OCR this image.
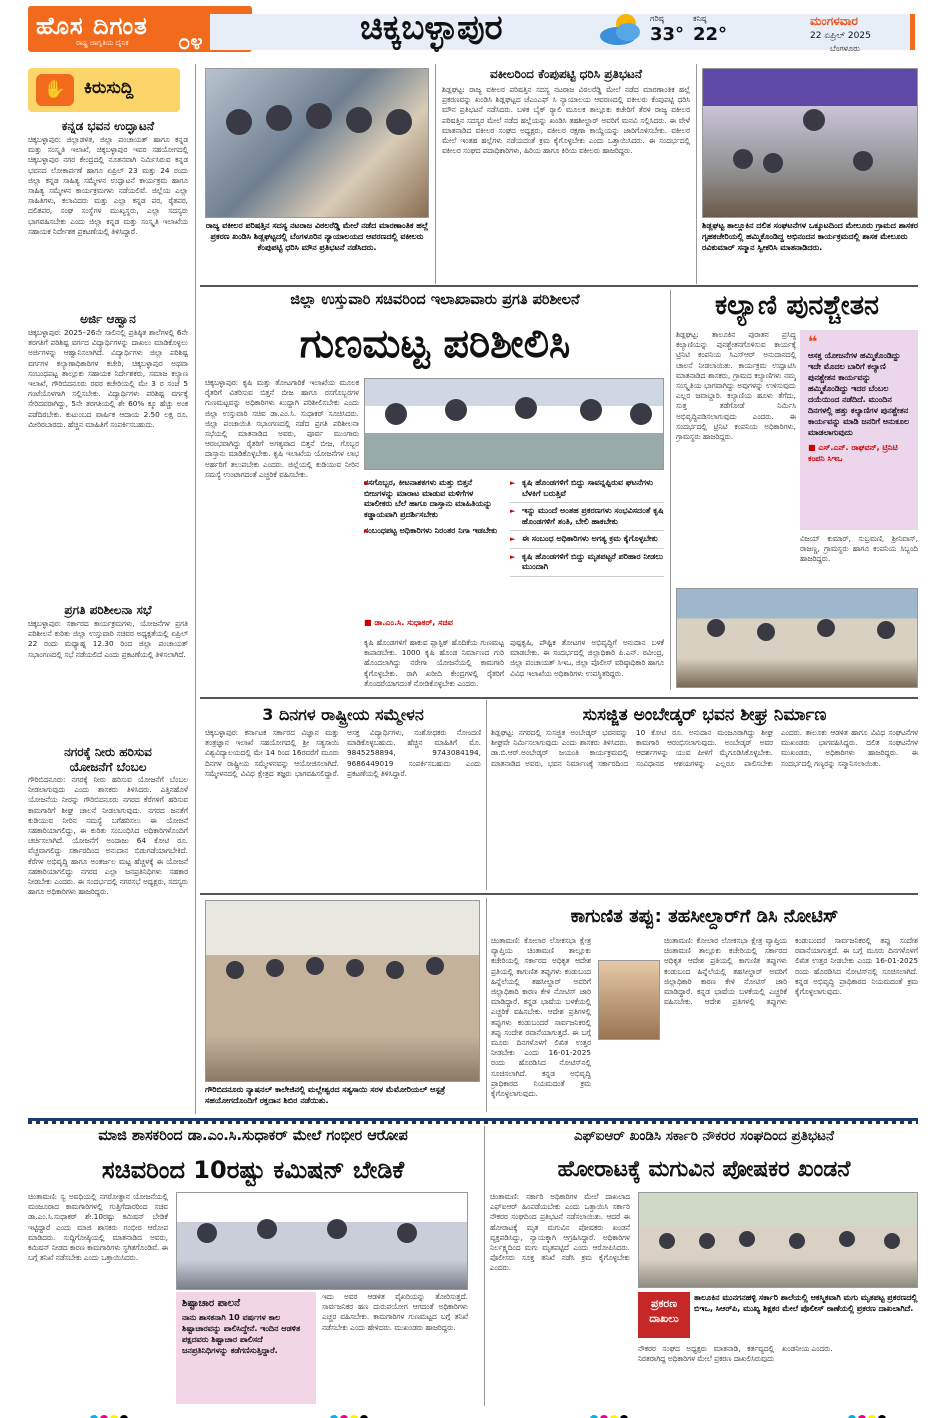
ಹೊಸ ದಿಗಂತ
ರಾಷ್ಟ್ರ ಜಾಗೃತಿಯ ದೈನಿಕ ೦೪	ಚಿಕ್ಕಬಳ್ಳಾಪುರ	ಗರಿಷ್ಠ
33°
ಕನಿಷ್ಠ
22°
ಮಂಗಳವಾರ
22 ಏಪ್ರಿಲ್ 2025
ಬೆಂಗಳೂರು
✋	ಕಿರುಸುದ್ದಿ
ಕನ್ನಡ ಭವನ ಉದ್ಘಾಟನೆ
ಚಿಕ್ಕಬಳ್ಳಾಪುರ: ಜಿಲ್ಲಾಡಳಿತ, ಜಿಲ್ಲಾ ಪಂಚಾಯತ್ ಹಾಗೂ ಕನ್ನಡ ಮತ್ತು ಸಂಸ್ಕೃತಿ ಇಲಾಖೆ, ಚಿಕ್ಕಬಳ್ಳಾಪುರ ಇವರ ಸಹಯೋಗದಲ್ಲಿ ಚಿಕ್ಕಬಳ್ಳಾಪುರ ನಗರ ಕೇಂದ್ರದಲ್ಲಿ ನೂತನವಾಗಿ ನಿರ್ಮಿಸಿರುವ ಕನ್ನಡ ಭವನದ ಲೋಕಾರ್ಪಣೆ ಹಾಗೂ ಏಪ್ರಿಲ್ 23 ಮತ್ತು 24 ರಂದು ಜಿಲ್ಲಾ ಕನ್ನಡ ಸಾಹಿತ್ಯ ಸಮ್ಮೇಳನ ಉದ್ಘಾಟನೆ ಕಾರ್ಯಕ್ರಮ ಹಾಗೂ ಸಾಹಿತ್ಯ ಸಮ್ಮೇಳನ ಕಾರ್ಯಕ್ರಮಗಳು ನಡೆಯಲಿವೆ. ಜಿಲ್ಲೆಯ ಎಲ್ಲಾ ಸಾಹಿತಿಗಳು, ಕಲಾವಿದರು ಮತ್ತು ಎಲ್ಲಾ ಕನ್ನಡ ಪರ, ರೈತಪರ, ದಲಿತಪರ, ಸಂಘ ಸಂಸ್ಥೆಗಳ ಮುಖ್ಯಸ್ಥರು, ಎಲ್ಲಾ ಸದಸ್ಯರು ಭಾಗವಹಿಸಬೇಕು ಎಂದು ಜಿಲ್ಲಾ ಕನ್ನಡ ಮತ್ತು ಸಂಸ್ಕೃತಿ ಇಲಾಖೆಯ ಸಹಾಯಕ ನಿರ್ದೇಶಕ ಪ್ರಕಟಣೆಯಲ್ಲಿ ತಿಳಿಸಿದ್ದಾರೆ.
ಅರ್ಜಿ ಆಹ್ವಾನ
ಚಿಕ್ಕಬಳ್ಳಾಪುರ: 2025–26ನೇ ಸಾಲಿನಲ್ಲಿ ಪ್ರತಿಷ್ಠಿತ ಶಾಲೆಗಳಲ್ಲಿ 6ನೇ ತರಗತಿಗೆ ಪರಿಶಿಷ್ಟ ವರ್ಗದ ವಿದ್ಯಾರ್ಥಿಗಳನ್ನು ದಾಖಲು ಮಾಡಿಕೊಳ್ಳಲು ಅರ್ಜಿಗಳನ್ನು ಆಹ್ವಾನಿಸಲಾಗಿದೆ. ವಿದ್ಯಾರ್ಥಿಗಳು ಜಿಲ್ಲಾ ಪರಿಶಿಷ್ಟ ವರ್ಗಗಳ ಕಲ್ಯಾಣಾಧಿಕಾರಿಗಳ ಕಚೇರಿ, ಚಿಕ್ಕಬಳ್ಳಾಪುರ ಅಥವಾ ಸಂಬಂಧಪಟ್ಟ ತಾಲ್ಲೂಕು ಸಹಾಯಕ ನಿರ್ದೇಶಕರು, ಸಮಾಜ ಕಲ್ಯಾಣ ಇಲಾಖೆ, ಗೌರಿಬಿದನೂರು ರವರ ಕಚೇರಿಯಲ್ಲಿ ಮೇ 3 ರ ಸಂಜೆ 5 ಗಂಟೆಯೊಳಗಾಗಿ ಸಲ್ಲಿಸಬೇಕು. ವಿದ್ಯಾರ್ಥಿಗಳು ಪರಿಶಿಷ್ಟ ವರ್ಗಕ್ಕೆ ಸೇರಿದವರಾಗಿದ್ದು, 5ನೇ ತರಗತಿಯಲ್ಲಿ ಶೇ 60% ಕ್ಕೂ ಹೆಚ್ಚು ಅಂಕ ಪಡೆದಿರಬೇಕು. ಕುಟುಂಬದ ವಾರ್ಷಿಕ ಆದಾಯ 2.50 ಲಕ್ಷ ರೂ. ಮೀರಿರಬಾರದು. ಹೆಚ್ಚಿನ ಮಾಹಿತಿಗೆ ಸಂಪರ್ಕಿಸಬಹುದು.
ಪ್ರಗತಿ ಪರಿಶೀಲನಾ ಸಭೆ
ಚಿಕ್ಕಬಳ್ಳಾಪುರ: ಸರ್ಕಾರದ ಕಾರ್ಯಕ್ರಮಗಳು, ಯೋಜನೆಗಳ ಪ್ರಗತಿ ಪರಿಶೀಲನೆ ಕುರಿತು ಜಿಲ್ಲಾ ಉಸ್ತುವಾರಿ ಸಚಿವರ ಅಧ್ಯಕ್ಷತೆಯಲ್ಲಿ ಏಪ್ರಿಲ್ 22 ರಂದು ಮಧ್ಯಾಹ್ನ 12.30 ರಿಂದ ಜಿಲ್ಲಾ ಪಂಚಾಯತ್ ಸಭಾಂಗಣದಲ್ಲಿ ಸಭೆ ನಡೆಯಲಿದೆ ಎಂದು ಪ್ರಕಟಣೆಯಲ್ಲಿ ತಿಳಿಸಲಾಗಿದೆ.
ನಗರಕ್ಕೆ ನೀರು ಹರಿಸುವ
ಯೋಜನೆಗೆ ಬೆಂಬಲ
ಗೌರಿಬಿದನೂರು: ನಗರಕ್ಕೆ ನೀರು ಹರಿಸುವ ಯೋಜನೆಗೆ ಬೆಂಬಲ ನೀಡಲಾಗುವುದು ಎಂದು ಶಾಸಕರು ತಿಳಿಸಿದರು. ಎತ್ತಿನಹೊಳೆ ಯೋಜನೆಯ ನೀರನ್ನು ಗೌರಿಬಿದನೂರು ನಗರದ ಕೆರೆಗಳಿಗೆ ಹರಿಸುವ ಕಾಮಗಾರಿಗೆ ಶೀಘ್ರ ಚಾಲನೆ ನೀಡಲಾಗುವುದು. ನಗರದ ಜನತೆಗೆ ಕುಡಿಯುವ ನೀರಿನ ಸಮಸ್ಯೆ ಬಗೆಹರಿಸಲು ಈ ಯೋಜನೆ ಸಹಕಾರಿಯಾಗಲಿದ್ದು, ಈ ಕುರಿತು ಸಂಬಂಧಿಸಿದ ಅಧಿಕಾರಿಗಳೊಂದಿಗೆ ಚರ್ಚಿಸಲಾಗಿದೆ. ಯೋಜನೆಗೆ ಅಂದಾಜು 64 ಕೋಟಿ ರೂ. ವೆಚ್ಚವಾಗಲಿದ್ದು ಸರ್ಕಾರದಿಂದ ಅನುದಾನ ಬಿಡುಗಡೆಯಾಗಬೇಕಿದೆ. ಕೆರೆಗಳ ಅಭಿವೃದ್ಧಿ ಹಾಗೂ ಅಂತರ್ಜಲ ಮಟ್ಟ ಹೆಚ್ಚಳಕ್ಕೆ ಈ ಯೋಜನೆ ಸಹಕಾರಿಯಾಗಲಿದ್ದು ನಗರದ ಎಲ್ಲಾ ಜನಪ್ರತಿನಿಧಿಗಳು ಸಹಕಾರ ನೀಡಬೇಕು ಎಂದರು. ಈ ಸಂದರ್ಭದಲ್ಲಿ ನಗರಸಭೆ ಅಧ್ಯಕ್ಷರು, ಸದಸ್ಯರು ಹಾಗೂ ಅಧಿಕಾರಿಗಳು ಹಾಜರಿದ್ದರು.
ರಾಜ್ಯ ವಕೀಲರ ಪರಿಷತ್ತಿನ ಸದಸ್ಯ ನಟರಾಜ ವಿಠಲರೆಡ್ಡಿ ಮೇಲೆ ನಡೆದ ಮಾರಣಾಂತಿಕ ಹಲ್ಲೆ ಪ್ರಕರಣ ಖಂಡಿಸಿ ಶಿಡ್ಲಘಟ್ಟದಲ್ಲಿ ಬೆಂಗಳೂರಿನ ನ್ಯಾಯಾಲಯದ ಆವರಣದಲ್ಲಿ ವಕೀಲರು ಕೆಂಪುಪಟ್ಟಿ ಧರಿಸಿ ಮೌನ ಪ್ರತಿಭಟನೆ ನಡೆಸಿದರು.
ವಕೀಲರಿಂದ ಕೆಂಪುಪಟ್ಟಿ ಧರಿಸಿ ಪ್ರತಿಭಟನೆ
ಶಿಡ್ಲಘಟ್ಟ: ರಾಜ್ಯ ವಕೀಲರ ಪರಿಷತ್ತಿನ ಸದಸ್ಯ ನಟರಾಜ ವಿಠಲರೆಡ್ಡಿ ಮೇಲೆ ನಡೆದ ಮಾರಣಾಂತಿಕ ಹಲ್ಲೆ ಪ್ರಕರಣವನ್ನು ಖಂಡಿಸಿ ಶಿಡ್ಲಘಟ್ಟದ ಜೆಎಂಎಫ್ ಸಿ ನ್ಯಾಯಾಲಯ ಆವರಣದಲ್ಲಿ ವಕೀಲರು ಕೆಂಪುಪಟ್ಟಿ ಧರಿಸಿ ಮೌನ ಪ್ರತಿಭಟನೆ ನಡೆಸಿದರು. ಬಳಿಕ ಬೈಕ್ ರ್‍ಯಾಲಿ ಮೂಲಕ ತಾಲ್ಲೂಕು ಕಚೇರಿಗೆ ತೆರಳಿ ರಾಜ್ಯ ವಕೀಲರ ಪರಿಷತ್ತಿನ ಸದಸ್ಯರ ಮೇಲೆ ನಡೆದ ಹಲ್ಲೆಯನ್ನು ಖಂಡಿಸಿ ತಹಶೀಲ್ದಾರ್ ಅವರಿಗೆ ಮನವಿ ಸಲ್ಲಿಸಿದರು. ಈ ವೇಳೆ ಮಾತನಾಡಿದ ವಕೀಲರ ಸಂಘದ ಅಧ್ಯಕ್ಷರು, ವಕೀಲರ ರಕ್ಷಣಾ ಕಾಯ್ದೆಯನ್ನು ಜಾರಿಗೊಳಿಸಬೇಕು. ವಕೀಲರ ಮೇಲೆ ಇಂತಹ ಹಲ್ಲೆಗಳು ನಡೆಯದಂತೆ ಕ್ರಮ ಕೈಗೊಳ್ಳಬೇಕು ಎಂದು ಒತ್ತಾಯಿಸಿದರು. ಈ ಸಂದರ್ಭದಲ್ಲಿ ವಕೀಲರ ಸಂಘದ ಪದಾಧಿಕಾರಿಗಳು, ಹಿರಿಯ ಹಾಗೂ ಕಿರಿಯ ವಕೀಲರು ಹಾಜರಿದ್ದರು.
ಶಿಡ್ಲಘಟ್ಟ ತಾಲ್ಲೂಕಿನ ದಲಿತ ಸಂಘಟನೆಗಳ ಒಕ್ಕೂಟದಿಂದ ಮೇಲೂರು ಗ್ರಾಮದ ಶಾಸಕರ ಗೃಹಕಚೇರಿಯಲ್ಲಿ ಹಮ್ಮಿಕೊಂಡಿದ್ದ ಅಭಿನಂದನ ಕಾರ್ಯಕ್ರಮದಲ್ಲಿ ಶಾಸಕ ಮೇಲೂರು ರವಿಕುಮಾರ್ ಸನ್ಮಾನ ಸ್ವೀಕರಿಸಿ ಮಾತನಾಡಿದರು.
ಜಿಲ್ಲಾ ಉಸ್ತುವಾರಿ ಸಚಿವರಿಂದ ಇಲಾಖಾವಾರು ಪ್ರಗತಿ ಪರಿಶೀಲನೆ
ಗುಣಮಟ್ಟ ಪರಿಶೀಲಿಸಿ
ಚಿಕ್ಕಬಳ್ಳಾಪುರ: ಕೃಷಿ ಮತ್ತು ತೋಟಗಾರಿಕೆ ಇಲಾಖೆಯ ಮೂಲಕ ರೈತರಿಗೆ ವಿತರಿಸುವ ಬಿತ್ತನೆ ಬೀಜ ಹಾಗೂ ರಸಗೊಬ್ಬರಗಳ ಗುಣಮಟ್ಟವನ್ನು ಅಧಿಕಾರಿಗಳು ಖುದ್ದಾಗಿ ಪರಿಶೀಲಿಸಬೇಕು ಎಂದು ಜಿಲ್ಲಾ ಉಸ್ತುವಾರಿ ಸಚಿವ ಡಾ.ಎಂ.ಸಿ. ಸುಧಾಕರ್ ಸೂಚಿಸಿದರು. ಜಿಲ್ಲಾ ಪಂಚಾಯಿತಿ ಸಭಾಂಗಣದಲ್ಲಿ ನಡೆದ ಪ್ರಗತಿ ಪರಿಶೀಲನಾ ಸಭೆಯಲ್ಲಿ ಮಾತನಾಡಿದ ಅವರು, ಪೂರ್ವ ಮುಂಗಾರು ಆರಂಭವಾಗಿದ್ದು ರೈತರಿಗೆ ಅಗತ್ಯವಾದ ಬಿತ್ತನೆ ಬೀಜ, ಗೊಬ್ಬರ ದಾಸ್ತಾನು ಮಾಡಿಕೊಳ್ಳಬೇಕು. ಕೃಷಿ ಇಲಾಖೆಯ ಯೋಜನೆಗಳ ಲಾಭ ಅರ್ಹರಿಗೆ ತಲುಪಬೇಕು ಎಂದರು. ಜಿಲ್ಲೆಯಲ್ಲಿ ಕುಡಿಯುವ ನೀರಿನ ಸಮಸ್ಯೆ ಉಂಟಾಗದಂತೆ ಎಚ್ಚರಿಕೆ ವಹಿಸಬೇಕು.
► ರಸಗೊಬ್ಬರ, ಕೀಟನಾಶಕಗಳು ಮತ್ತು ಬಿತ್ತನೆ ಬೀಜಗಳನ್ನು ಮಾರಾಟ ಮಾಡುವ ಮಳಿಗೆಗಳ ಮಾಲೀಕರು ಬೆಲೆ ಹಾಗೂ ದಾಸ್ತಾನು ಮಾಹಿತಿಯನ್ನು ಕಡ್ಡಾಯವಾಗಿ ಪ್ರದರ್ಶಿಸಬೇಕು
► ಸಂಬಂಧಪಟ್ಟ ಅಧಿಕಾರಿಗಳು ನಿರಂತರ ನಿಗಾ ಇಡಬೇಕು
■ ಡಾ.ಎಂ.ಸಿ. ಸುಧಾಕರ್, ಸಚಿವ
► ಕೃಷಿ ಹೊಂಡಗಳಿಗೆ ಬಿದ್ದು ಸಾವನ್ನಪ್ಪಿರುವ ಘಟನೆಗಳು ಬೆಳಕಿಗೆ ಬರುತ್ತಿವೆ
► ಇನ್ನು ಮುಂದೆ ಅಂತಹ ಪ್ರಕರಣಗಳು ಸಂಭವಿಸದಂತೆ ಕೃಷಿ ಹೊಂಡಗಳಿಗೆ ತಂತಿ, ಬೇಲಿ ಹಾಕಬೇಕು
► ಈ ಸಂಬಂಧ ಅಧಿಕಾರಿಗಳು ಅಗತ್ಯ ಕ್ರಮ ಕೈಗೊಳ್ಳಬೇಕು
► ಕೃಷಿ ಹೊಂಡಗಳಿಗೆ ಬಿದ್ದು ಮೃತಪಟ್ಟರೆ ಪರಿಹಾರ ನೀಡಲು ಮುಂದಾಗಿ
ಕೃಷಿ ಹೊಂಡಗಳಿಗೆ ಹಾಕುವ ಪ್ಲಾಸ್ಟಿಕ್ ಹೊದಿಕೆಯ ಗುಣಮಟ್ಟ ಕಾಪಾಡಬೇಕು. 1000 ಕೃಷಿ ಹೊಂಡ ನಿರ್ಮಾಣದ ಗುರಿ ಹೊಂದಲಾಗಿದ್ದು ನರೇಗಾ ಯೋಜನೆಯಲ್ಲಿ ಕಾಮಗಾರಿ ಕೈಗೊಳ್ಳಬೇಕು. ರಾಗಿ ಖರೀದಿ ಕೇಂದ್ರಗಳಲ್ಲಿ ರೈತರಿಗೆ ತೊಂದರೆಯಾಗದಂತೆ ನೋಡಿಕೊಳ್ಳಬೇಕು ಎಂದರು.
ಪುಷ್ಪಕೃಷಿ, ಪೌಷ್ಟಿಕ ತೋಟಗಳ ಅಭಿವೃದ್ಧಿಗೆ ಅನುದಾನ ಬಳಕೆ ಮಾಡಬೇಕು. ಈ ಸಂದರ್ಭದಲ್ಲಿ ಜಿಲ್ಲಾಧಿಕಾರಿ ಪಿ.ಎನ್. ರವೀಂದ್ರ, ಜಿಲ್ಲಾ ಪಂಚಾಯತ್ ಸಿಇಒ, ಜಿಲ್ಲಾ ಪೊಲೀಸ್ ವರಿಷ್ಠಾಧಿಕಾರಿ ಹಾಗೂ ವಿವಿಧ ಇಲಾಖೆಯ ಅಧಿಕಾರಿಗಳು ಉಪಸ್ಥಿತರಿದ್ದರು.
ಕಲ್ಯಾಣಿ ಪುನಶ್ಚೇತನ
ಶಿಡ್ಲಘಟ್ಟ: ತಾಲೂಕಿನ ಪುರಾತನ ಪ್ರಸಿದ್ಧ ಕಲ್ಯಾಣಿಯನ್ನು ಪುನಶ್ಚೇತನಗೊಳಿಸುವ ಕಾರ್ಯಕ್ಕೆ ಟ್ರಿನಿಟಿ ಕಂಪನಿಯ ಸಿಎಸ್ಆರ್ ಅನುದಾನದಲ್ಲಿ ಚಾಲನೆ ನೀಡಲಾಯಿತು. ಕಾರ್ಯಕ್ರಮ ಉದ್ಘಾಟಿಸಿ ಮಾತನಾಡಿದ ಶಾಸಕರು, ಗ್ರಾಮದ ಕಲ್ಯಾಣಿಗಳು ನಮ್ಮ ಸಂಸ್ಕೃತಿಯ ಭಾಗವಾಗಿದ್ದು ಅವುಗಳನ್ನು ಉಳಿಸುವುದು ಎಲ್ಲರ ಜವಾಬ್ದಾರಿ. ಕಲ್ಯಾಣಿಯ ಹೂಳು ತೆಗೆದು, ಸುತ್ತ ತಡೆಗೋಡೆ ನಿರ್ಮಿಸಿ ಅಭಿವೃದ್ಧಿಪಡಿಸಲಾಗುವುದು ಎಂದರು. ಈ ಸಂದರ್ಭದಲ್ಲಿ ಟ್ರಿನಿಟಿ ಕಂಪನಿಯ ಅಧಿಕಾರಿಗಳು, ಗ್ರಾಮಸ್ಥರು ಹಾಜರಿದ್ದರು.
❝
ಆಸಕ್ತ ಯೋಜನೆಗಳ ಹಮ್ಮಿಕೊಂಡಿದ್ದು ಇದೇ ಮೊದಲ ಬಾರಿಗೆ ಕಲ್ಯಾಣಿ ಪುನಶ್ಚೇತನ ಕಾರ್ಯವನ್ನು ಹಮ್ಮಿಕೊಂಡಿದ್ದು ಇದರ ಬೆಂಬಲ ದಯೆಯಿಂದ ನಡೆದಿದೆ. ಮುಂದಿನ ದಿನಗಳಲ್ಲಿ ಹತ್ತು ಕಲ್ಯಾಣಿಗಳ ಪುನಶ್ಚೇತನ ಕಾರ್ಯವನ್ನು ಮಾಡಿ ಜನರಿಗೆ ಅನುಕೂಲ ಮಾಡಲಾಗುವುದು
■ ಎಸ್.ಎನ್. ರಾಘವನ್, ಟ್ರಿನಿಟಿ ಕಂಪನಿ ಸಿಇಒ
ವಿಜಯ್ ಕುಮಾರ್, ಸುಬ್ರಮಣಿ, ಶ್ರೀನಿವಾಸ್, ರಾಜಣ್ಣ, ಗ್ರಾಮಸ್ಥರು ಹಾಗೂ ಕಂಪನಿಯ ಸಿಬ್ಬಂದಿ ಹಾಜರಿದ್ದರು.
3 ದಿನಗಳ ರಾಷ್ಟ್ರೀಯ ಸಮ್ಮೇಳನ
ಚಿಕ್ಕಬಳ್ಳಾಪುರ: ಕರ್ನಾಟಕ ಸರ್ಕಾರದ ವಿಜ್ಞಾನ ಮತ್ತು ತಂತ್ರಜ್ಞಾನ ಇಲಾಖೆ ಸಹಯೋಗದಲ್ಲಿ ಶ್ರೀ ಸತ್ಯಸಾಯಿ ವಿಶ್ವವಿದ್ಯಾಲಯದಲ್ಲಿ ಮೇ 14 ರಿಂದ 16ರವರೆಗೆ ಮೂರು ದಿನಗಳ ರಾಷ್ಟ್ರೀಯ ಸಮ್ಮೇಳನವನ್ನು ಆಯೋಜಿಸಲಾಗಿದೆ. ಸಮ್ಮೇಳನದಲ್ಲಿ ವಿವಿಧ ಕ್ಷೇತ್ರದ ತಜ್ಞರು ಭಾಗವಹಿಸಲಿದ್ದಾರೆ. ಆಸಕ್ತ ವಿದ್ಯಾರ್ಥಿಗಳು, ಸಂಶೋಧಕರು ನೋಂದಣಿ ಮಾಡಿಕೊಳ್ಳಬಹುದು. ಹೆಚ್ಚಿನ ಮಾಹಿತಿಗೆ ಮೊ. 9845258894, 9743084194, 9686449019 ಸಂಪರ್ಕಿಸಬಹುದು ಎಂದು ಪ್ರಕಟಣೆಯಲ್ಲಿ ತಿಳಿಸಿದ್ದಾರೆ.
ಸುಸಜ್ಜಿತ ಅಂಬೇಡ್ಕರ್ ಭವನ ಶೀಘ್ರ ನಿರ್ಮಾಣ
ಶಿಡ್ಲಘಟ್ಟ: ನಗರದಲ್ಲಿ ಸುಸಜ್ಜಿತ ಅಂಬೇಡ್ಕರ್ ಭವನವನ್ನು ಶೀಘ್ರವೇ ನಿರ್ಮಿಸಲಾಗುವುದು ಎಂದು ಶಾಸಕರು ತಿಳಿಸಿದರು. ಡಾ.ಬಿ.ಆರ್.ಅಂಬೇಡ್ಕರ್ ಜಯಂತಿ ಕಾರ್ಯಕ್ರಮದಲ್ಲಿ ಮಾತನಾಡಿದ ಅವರು, ಭವನ ನಿರ್ಮಾಣಕ್ಕೆ ಸರ್ಕಾರದಿಂದ 10 ಕೋಟಿ ರೂ. ಅನುದಾನ ಮಂಜೂರಾಗಿದ್ದು ಶೀಘ್ರ ಕಾಮಗಾರಿ ಆರಂಭಿಸಲಾಗುವುದು. ಅಂಬೇಡ್ಕರ್ ಅವರ ಆದರ್ಶಗಳನ್ನು ಯುವ ಪೀಳಿಗೆ ಮೈಗೂಡಿಸಿಕೊಳ್ಳಬೇಕು. ಸಂವಿಧಾನದ ಆಶಯಗಳನ್ನು ಎಲ್ಲರೂ ಪಾಲಿಸಬೇಕು ಎಂದರು. ತಾಲೂಕು ಆಡಳಿತ ಹಾಗೂ ವಿವಿಧ ಸಂಘಟನೆಗಳ ಮುಖಂಡರು ಭಾಗವಹಿಸಿದ್ದರು. ದಲಿತ ಸಂಘಟನೆಗಳ ಮುಖಂಡರು, ಅಧಿಕಾರಿಗಳು ಹಾಜರಿದ್ದರು. ಈ ಸಂದರ್ಭದಲ್ಲಿ ಗಣ್ಯರನ್ನು ಸನ್ಮಾನಿಸಲಾಯಿತು.
ಗೌರಿಬಿದನೂರು ನ್ಯಾಷನಲ್ ಕಾಲೇಜಿನಲ್ಲಿ ಮಲ್ಲೇಶ್ವರದ ಸತ್ಯಸಾಯಿ ಸರಳ ಮೆಮೋರಿಯಲ್ ಆಸ್ಪತ್ರೆ ಸಹಯೋಗದೊಂದಿಗೆ ರಕ್ತದಾನ ಶಿಬಿರ ನಡೆಯಿತು.
ಕಾಗುಣಿತ ತಪ್ಪು: ತಹಸೀಲ್ದಾರ್‌ಗೆ ಡಿಸಿ ನೋಟಿಸ್
ಚಿಂತಾಮಣಿ: ಕೋಲಾರ ಲೋಕಸಭಾ ಕ್ಷೇತ್ರ ವ್ಯಾಪ್ತಿಯ ಚಿಂತಾಮಣಿ ತಾಲ್ಲೂಕು ಕಚೇರಿಯಲ್ಲಿ ಸರ್ಕಾರದ ಅಧಿಕೃತ ಆದೇಶ ಪ್ರತಿಯಲ್ಲಿ ಕಾಗುಣಿತ ತಪ್ಪುಗಳು ಕಂಡುಬಂದ ಹಿನ್ನೆಲೆಯಲ್ಲಿ ತಹಸೀಲ್ದಾರ್ ಅವರಿಗೆ ಜಿಲ್ಲಾಧಿಕಾರಿ ಕಾರಣ ಕೇಳಿ ನೋಟಿಸ್ ಜಾರಿ ಮಾಡಿದ್ದಾರೆ. ಕನ್ನಡ ಭಾಷೆಯ ಬಳಕೆಯಲ್ಲಿ ಎಚ್ಚರಿಕೆ ವಹಿಸಬೇಕು. ಆದೇಶ ಪ್ರತಿಗಳಲ್ಲಿ ತಪ್ಪುಗಳು ಕಂಡುಬಂದರೆ ಸಾರ್ವಜನಿಕರಲ್ಲಿ ತಪ್ಪು ಸಂದೇಶ ರವಾನೆಯಾಗುತ್ತದೆ. ಈ ಬಗ್ಗೆ ಮೂರು ದಿನಗಳೊಳಗೆ ಲಿಖಿತ ಉತ್ತರ ನೀಡಬೇಕು ಎಂದು 16-01-2025 ರಂದು ಹೊರಡಿಸಿದ ನೋಟಿಸ್‌ನಲ್ಲಿ ಸೂಚಿಸಲಾಗಿದೆ. ಕನ್ನಡ ಅಭಿವೃದ್ಧಿ ಪ್ರಾಧಿಕಾರದ ನಿಯಮದಂತೆ ಕ್ರಮ ಕೈಗೊಳ್ಳಲಾಗುವುದು.
ಚಿಂತಾಮಣಿ: ಕೋಲಾರ ಲೋಕಸಭಾ ಕ್ಷೇತ್ರ ವ್ಯಾಪ್ತಿಯ ಚಿಂತಾಮಣಿ ತಾಲ್ಲೂಕು ಕಚೇರಿಯಲ್ಲಿ ಸರ್ಕಾರದ ಅಧಿಕೃತ ಆದೇಶ ಪ್ರತಿಯಲ್ಲಿ ಕಾಗುಣಿತ ತಪ್ಪುಗಳು ಕಂಡುಬಂದ ಹಿನ್ನೆಲೆಯಲ್ಲಿ ತಹಸೀಲ್ದಾರ್ ಅವರಿಗೆ ಜಿಲ್ಲಾಧಿಕಾರಿ ಕಾರಣ ಕೇಳಿ ನೋಟಿಸ್ ಜಾರಿ ಮಾಡಿದ್ದಾರೆ. ಕನ್ನಡ ಭಾಷೆಯ ಬಳಕೆಯಲ್ಲಿ ಎಚ್ಚರಿಕೆ ವಹಿಸಬೇಕು. ಆದೇಶ ಪ್ರತಿಗಳಲ್ಲಿ ತಪ್ಪುಗಳು ಕಂಡುಬಂದರೆ ಸಾರ್ವಜನಿಕರಲ್ಲಿ ತಪ್ಪು ಸಂದೇಶ ರವಾನೆಯಾಗುತ್ತದೆ. ಈ ಬಗ್ಗೆ ಮೂರು ದಿನಗಳೊಳಗೆ ಲಿಖಿತ ಉತ್ತರ ನೀಡಬೇಕು ಎಂದು 16-01-2025 ರಂದು ಹೊರಡಿಸಿದ ನೋಟಿಸ್‌ನಲ್ಲಿ ಸೂಚಿಸಲಾಗಿದೆ. ಕನ್ನಡ ಅಭಿವೃದ್ಧಿ ಪ್ರಾಧಿಕಾರದ ನಿಯಮದಂತೆ ಕ್ರಮ ಕೈಗೊಳ್ಳಲಾಗುವುದು.
ಮಾಜಿ ಶಾಸಕರಿಂದ ಡಾ.ಎಂ.ಸಿ.ಸುಧಾಕರ್ ಮೇಲೆ ಗಂಭೀರ ಆರೋಪ
ಸಚಿವರಿಂದ 10ರಷ್ಟು ಕಮಿಷನ್ ಬೇಡಿಕೆ
ಚಿಂತಾಮಣಿ: ಸ್ವ ಅವಧಿಯಲ್ಲಿ ನಗರೋತ್ಥಾನ ಯೋಜನೆಯಲ್ಲಿ ಮಂಜೂರಾದ ಕಾಮಗಾರಿಗಳಲ್ಲಿ ಗುತ್ತಿಗೆದಾರರಿಂದ ಸಚಿವ ಡಾ.ಎಂ.ಸಿ.ಸುಧಾಕರ್ ಶೇ.10ರಷ್ಟು ಕಮಿಷನ್ ಬೇಡಿಕೆ ಇಟ್ಟಿದ್ದಾರೆ ಎಂದು ಮಾಜಿ ಶಾಸಕರು ಗಂಭೀರ ಆರೋಪ ಮಾಡಿದರು. ಸುದ್ದಿಗೋಷ್ಠಿಯಲ್ಲಿ ಮಾತನಾಡಿದ ಅವರು, ಕಮಿಷನ್ ನೀಡದ ಕಾರಣ ಕಾಮಗಾರಿಗಳು ಸ್ಥಗಿತಗೊಂಡಿವೆ. ಈ ಬಗ್ಗೆ ತನಿಖೆ ನಡೆಸಬೇಕು ಎಂದು ಒತ್ತಾಯಿಸಿದರು.
ಶಿಷ್ಟಾಚಾರ ಪಾಲನೆ
ನಾನು ಶಾಸಕನಾಗಿ 10 ವರ್ಷಗಳ ಕಾಲ ಶಿಷ್ಟಾಚಾರವನ್ನು ಪಾಲಿಸಿದ್ದೇನೆ. ಇಂದಿನ ಆಡಳಿತ ಪಕ್ಷದವರು ಶಿಷ್ಟಾಚಾರ ಪಾಲಿಸದೆ ಜನಪ್ರತಿನಿಧಿಗಳನ್ನು ಕಡೆಗಣಿಸುತ್ತಿದ್ದಾರೆ.
ಇದು ಅವರ ಆಡಳಿತ ವೈಖರಿಯನ್ನು ತೋರಿಸುತ್ತದೆ. ಸಾರ್ವಜನಿಕರ ಹಣ ದುರುಪಯೋಗ ಆಗದಂತೆ ಅಧಿಕಾರಿಗಳು ಎಚ್ಚರ ವಹಿಸಬೇಕು. ಕಾಮಗಾರಿಗಳ ಗುಣಮಟ್ಟದ ಬಗ್ಗೆ ತನಿಖೆ ನಡೆಸಬೇಕು ಎಂದು ಹೇಳಿದರು. ಮುಖಂಡರು ಹಾಜರಿದ್ದರು.
ಎಫ್ಐಆರ್ ಖಂಡಿಸಿ ಸರ್ಕಾರಿ ನೌಕರರ ಸಂಘದಿಂದ ಪ್ರತಿಭಟನೆ
ಹೋರಾಟಕ್ಕೆ ಮಗುವಿನ ಪೋಷಕರ ಖಂಡನೆ
ಚಿಂತಾಮಣಿ: ಸರ್ಕಾರಿ ಅಧಿಕಾರಿಗಳ ಮೇಲೆ ದಾಖಲಾದ ಎಫ್ಐಆರ್ ಹಿಂಪಡೆಯಬೇಕು ಎಂದು ಒತ್ತಾಯಿಸಿ ಸರ್ಕಾರಿ ನೌಕರರ ಸಂಘದಿಂದ ಪ್ರತಿಭಟನೆ ನಡೆಸಲಾಯಿತು. ಆದರೆ ಈ ಹೋರಾಟಕ್ಕೆ ಮೃತ ಮಗುವಿನ ಪೋಷಕರು ಖಂಡನೆ ವ್ಯಕ್ತಪಡಿಸಿದ್ದು, ನ್ಯಾಯಕ್ಕಾಗಿ ಆಗ್ರಹಿಸಿದ್ದಾರೆ. ಅಧಿಕಾರಿಗಳ ನಿರ್ಲಕ್ಷ್ಯದಿಂದ ಮಗು ಮೃತಪಟ್ಟಿದೆ ಎಂದು ಆರೋಪಿಸಿದರು. ಪೊಲೀಸರು ಸೂಕ್ತ ತನಿಖೆ ನಡೆಸಿ ಕ್ರಮ ಕೈಗೊಳ್ಳಬೇಕು ಎಂದರು.
ಪ್ರಕರಣ ದಾಖಲು
ತಾಲೂಕಿನ ಮುನಗನಹಳ್ಳಿ ಸರ್ಕಾರಿ ಶಾಲೆಯಲ್ಲಿ ಆಕಸ್ಮಿಕವಾಗಿ ಮಗು ಮೃತಪಟ್ಟ ಪ್ರಕರಣದಲ್ಲಿ ಬಿಇಒ, ಸಿಆರ್‌ಪಿ, ಮುಖ್ಯ ಶಿಕ್ಷಕರ ಮೇಲೆ ಪೊಲೀಸ್ ಠಾಣೆಯಲ್ಲಿ ಪ್ರಕರಣ ದಾಖಲಾಗಿದೆ.
ನೌಕರರ ಸಂಘದ ಅಧ್ಯಕ್ಷರು ಮಾತನಾಡಿ, ಕರ್ತವ್ಯದಲ್ಲಿ ನಿರತರಾಗಿದ್ದ ಅಧಿಕಾರಿಗಳ ಮೇಲೆ ಪ್ರಕರಣ ದಾಖಲಿಸಿರುವುದು ಖಂಡನೀಯ ಎಂದರು.
